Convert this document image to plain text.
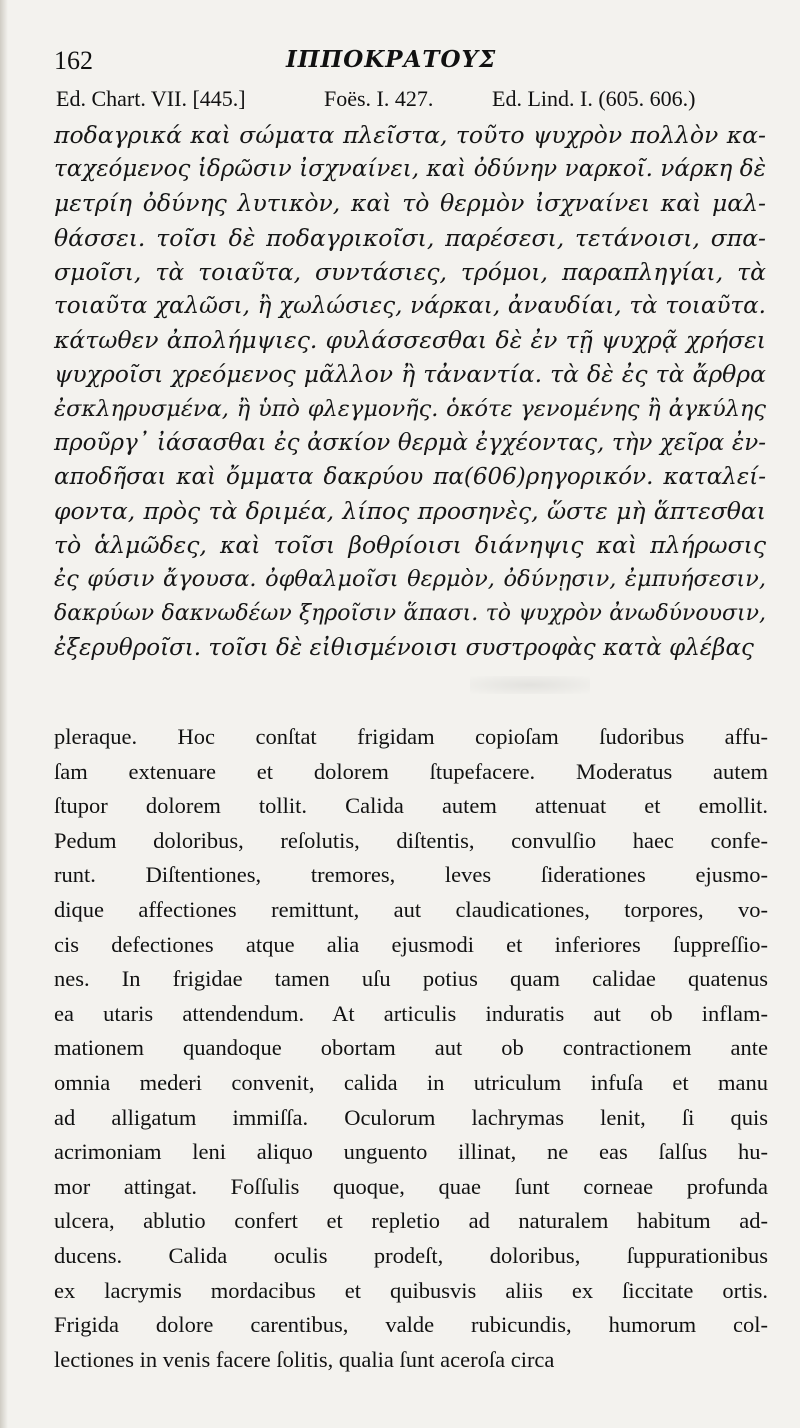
162	ΙΠΠΟΚΡΑΤΟΥΣ
Ed. Chart. VII. [445.]	Foës. I. 427.	Ed. Lind. I. (605. 606.)
ποδαγρικά καὶ σώματα πλεῖστα, τοῦτο ψυχρὸν πολλὸν κα-
ταχεόμενος ἱδρῶσιν ἰσχναίνει, καὶ ὀδύνην ναρκοῖ. νάρκη δὲ
μετρίη ὀδύνης λυτικὸν, καὶ τὸ θερμὸν ἰσχναίνει καὶ μαλ-
θάσσει. τοῖσι δὲ ποδαγρικοῖσι, παρέσεσι, τετάνοισι, σπα-
σμοῖσι, τὰ τοιαῦτα, συντάσιες, τρόμοι, παραπληγίαι, τὰ
τοιαῦτα χαλῶσι, ἢ χωλώσιες, νάρκαι, ἀναυδίαι, τὰ τοιαῦτα.
κάτωθεν ἀπολήμψιες. φυλάσσεσθαι δὲ ἐν τῇ ψυχρᾷ χρήσει
ψυχροῖσι χρεόμενος μᾶλλον ἢ τἀναντία. τὰ δὲ ἐς τὰ ἄρθρα
ἐσκληρυσμένα, ἢ ὑπὸ φλεγμονῆς. ὁκότε γενομένης ἢ ἀγκύλης
προῦργ᾽ ἰάσασθαι ἐς ἀσκίον θερμὰ ἐγχέοντας, τὴν χεῖρα ἐν-
αποδῆσαι καὶ ὄμματα δακρύου πα(606)ρηγορικόν. καταλεί-
φοντα, πρὸς τὰ δριμέα, λίπος προσηνὲς, ὥστε μὴ ἅπτεσθαι
τὸ ἁλμῶδες, καὶ τοῖσι βοθρίοισι διάνηψις καὶ πλήρωσις
ἐς φύσιν ἄγουσα. ὀφθαλμοῖσι θερμὸν, ὀδύνῃσιν, ἐμπυήσεσιν,
δακρύων δακνωδέων ξηροῖσιν ἅπασι. τὸ ψυχρὸν ἀνωδύνουσιν,
ἐξερυθροῖσι. τοῖσι δὲ εἰθισμένοισι συστροφὰς κατὰ φλέβας
pleraque. Hoc conſtat frigidam copioſam ſudoribus affu-
ſam extenuare et dolorem ſtupefacere. Moderatus autem
ſtupor dolorem tollit. Calida autem attenuat et emollit.
Pedum doloribus, reſolutis, diſtentis, convulſio haec confe-
runt. Diſtentiones, tremores, leves ſiderationes ejusmo-
dique affectiones remittunt, aut claudicationes, torpores, vo-
cis defectiones atque alia ejusmodi et inferiores ſuppreſſio-
nes. In frigidae tamen uſu potius quam calidae quatenus
ea utaris attendendum. At articulis induratis aut ob inflam-
mationem quandoque obortam aut ob contractionem ante
omnia mederi convenit, calida in utriculum infuſa et manu
ad alligatum immiſſa. Oculorum lachrymas lenit, ſi quis
acrimoniam leni aliquo unguento illinat, ne eas ſalſus hu-
mor attingat. Foſſulis quoque, quae ſunt corneae profunda
ulcera, ablutio confert et repletio ad naturalem habitum ad-
ducens. Calida oculis prodeſt, doloribus, ſuppurationibus
ex lacrymis mordacibus et quibusvis aliis ex ſiccitate ortis.
Frigida dolore carentibus, valde rubicundis, humorum col-
lectiones in venis facere ſolitis, qualia ſunt aceroſa circa
